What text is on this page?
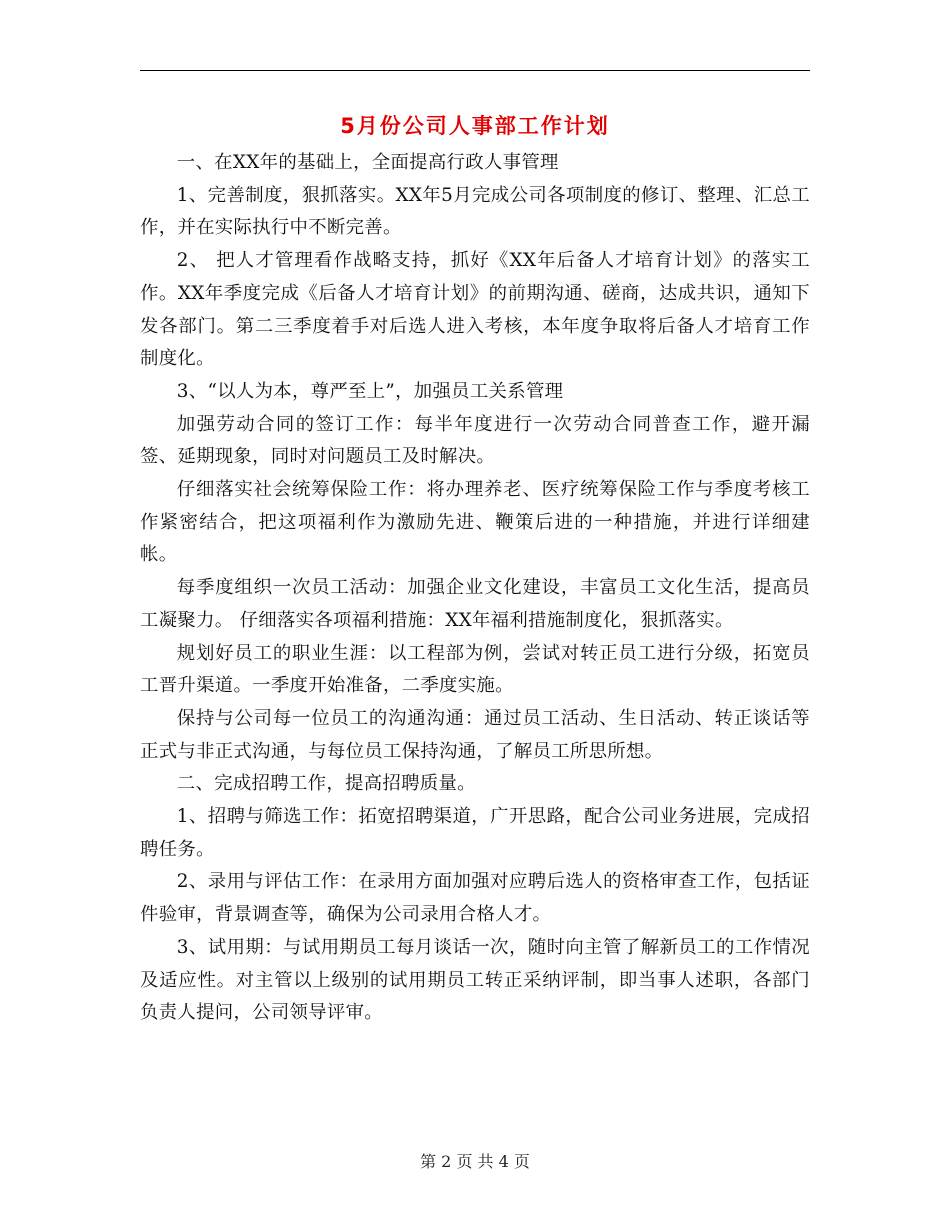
5月份公司人事部工作计划

一、在XX年的基础上，全面提高行政人事管理

1、完善制度，狠抓落实。XX年5月完成公司各项制度的修订、整理、汇总工作，并在实际执行中不断完善。

2、 把人才管理看作战略支持，抓好《XX年后备人才培育计划》的落实工作。XX年季度完成《后备人才培育计划》的前期沟通、磋商，达成共识，通知下发各部门。第二三季度着手对后选人进入考核，本年度争取将后备人才培育工作制度化。

3、“以人为本，尊严至上”，加强员工关系管理

加强劳动合同的签订工作：每半年度进行一次劳动合同普查工作，避开漏签、延期现象，同时对问题员工及时解决。

仔细落实社会统筹保险工作：将办理养老、医疗统筹保险工作与季度考核工作紧密结合，把这项福利作为激励先进、鞭策后进的一种措施，并进行详细建帐。

每季度组织一次员工活动：加强企业文化建设，丰富员工文化生活，提高员工凝聚力。 仔细落实各项福利措施：XX年福利措施制度化，狠抓落实。

规划好员工的职业生涯：以工程部为例，尝试对转正员工进行分级，拓宽员工晋升渠道。一季度开始准备，二季度实施。

保持与公司每一位员工的沟通沟通：通过员工活动、生日活动、转正谈话等正式与非正式沟通，与每位员工保持沟通，了解员工所思所想。

二、完成招聘工作，提高招聘质量。

1、招聘与筛选工作：拓宽招聘渠道，广开思路，配合公司业务进展，完成招聘任务。

2、录用与评估工作：在录用方面加强对应聘后选人的资格审查工作，包括证件验审，背景调查等，确保为公司录用合格人才。

3、试用期：与试用期员工每月谈话一次，随时向主管了解新员工的工作情况及适应性。对主管以上级别的试用期员工转正采纳评制，即当事人述职，各部门负责人提问，公司领导评审。

第 2 页 共 4 页
